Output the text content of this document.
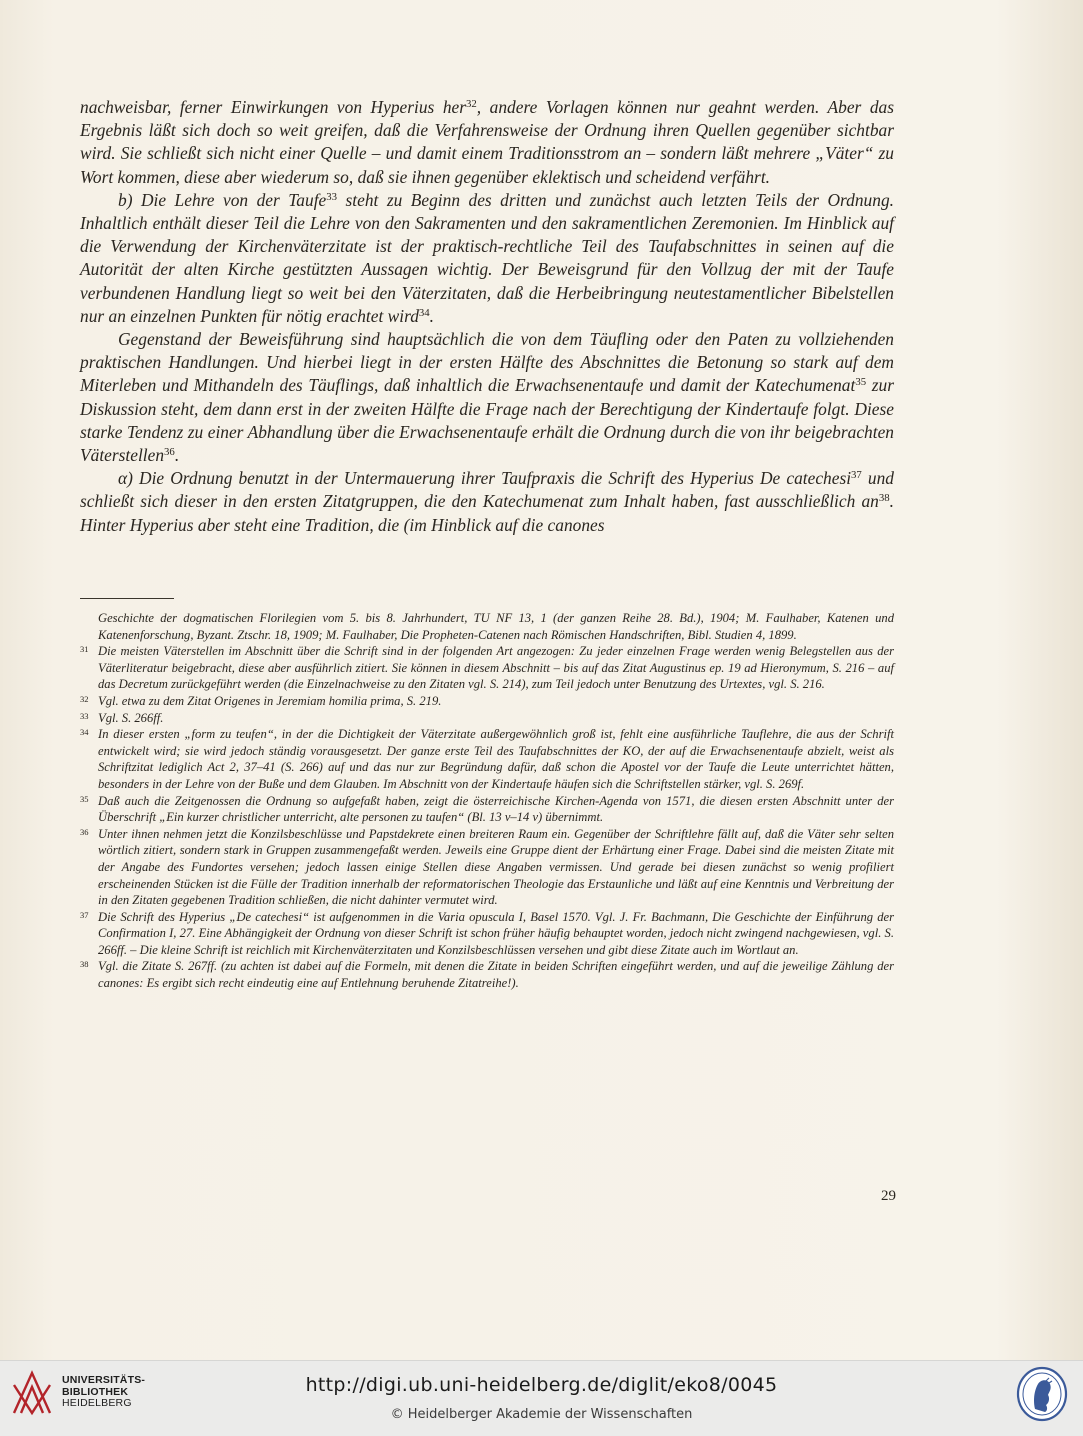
nachweisbar, ferner Einwirkungen von Hyperius her$^{32}$, andere Vorlagen können nur geahnt werden. Aber das Ergebnis läßt sich doch so weit greifen, daß die Verfahrensweise der Ordnung ihren Quellen gegenüber sichtbar wird. Sie schließt sich nicht einer Quelle – und damit einem Traditionsstrom an – sondern läßt mehrere „Väter“ zu Wort kommen, diese aber wiederum so, daß sie ihnen gegenüber eklektisch und scheidend verfährt.

b) Die Lehre von der Taufe$^{33}$ steht zu Beginn des dritten und zunächst auch letzten Teils der Ordnung. Inhaltlich enthält dieser Teil die Lehre von den Sakramenten und den sakramentlichen Zeremonien. Im Hinblick auf die Verwendung der Kirchenväterzitate ist der praktisch-rechtliche Teil des Taufabschnittes in seinen auf die Autorität der alten Kirche gestützten Aussagen wichtig. Der Beweisgrund für den Vollzug der mit der Taufe verbundenen Handlung liegt so weit bei den Väterzitaten, daß die Herbeibringung neutestamentlicher Bibelstellen nur an einzelnen Punkten für nötig erachtet wird$^{34}$.

Gegenstand der Beweisführung sind hauptsächlich die von dem Täufling oder den Paten zu vollziehenden praktischen Handlungen. Und hierbei liegt in der ersten Hälfte des Abschnittes die Betonung so stark auf dem Miterleben und Mithandeln des Täuflings, daß inhaltlich die Erwachsenentaufe und damit der Katechumenat$^{35}$ zur Diskussion steht, dem dann erst in der zweiten Hälfte die Frage nach der Berechtigung der Kindertaufe folgt. Diese starke Tendenz zu einer Abhandlung über die Erwachsenentaufe erhält die Ordnung durch die von ihr beigebrachten Väterstellen$^{36}$.

α) Die Ordnung benutzt in der Untermauerung ihrer Taufpraxis die Schrift des Hyperius De catechesi$^{37}$ und schließt sich dieser in den ersten Zitatgruppen, die den Katechumenat zum Inhalt haben, fast ausschließlich $an^{38}$. Hinter Hyperius aber steht eine Tradition, die (im Hinblick auf die canones

Geschichte der dogmatischen Florilegien vom 5. bis 8. Jahrhundert, TU NF 13, 1 (der ganzen Reihe 28. Bd.), 1904; M. Faulhaber, Katenen und Katenenforschung, Byzant. Ztschr. 18, 1909; M. Faulhaber, Die Propheten-Catenen nach Römischen Handschriften, Bibl. Studien 4, 1899.

31 Die meisten Väterstellen im Abschnitt über die Schrift sind in der folgenden Art angezogen: Zu jeder einzelnen Frage werden wenig Belegstellen aus der Väterliteratur beigebracht, diese aber ausführlich zitiert. Sie können in diesem Abschnitt – bis auf das Zitat Augustinus ep. 19 ad Hieronymum, S. 216 – auf das Decretum zurückgeführt werden (die Einzelnachweise zu den Zitaten vgl. S. 214), zum Teil jedoch unter Benutzung des Urtextes, vgl. S. 216.

32 Vgl. etwa zu dem Zitat Origenes in Jeremiam homilia prima, S. 219.

33 Vgl. S. 266ff.

34 In dieser ersten „form zu teufen“, in der die Dichtigkeit der Väterzitate außergewöhnlich groß ist, fehlt eine ausführliche Tauflehre, die aus der Schrift entwickelt wird; sie wird jedoch ständig vorausgesetzt. Der ganze erste Teil des Taufabschnittes der KO, der auf die Erwachsenentaufe abzielt, weist als Schriftzitat lediglich Act 2, 37–41 (S. 266) auf und das nur zur Begründung dafür, daß schon die Apostel vor der Taufe die Leute unterrichtet hätten, besonders in der Lehre von der Buße und dem Glauben. Im Abschnitt von der Kindertaufe häufen sich die Schriftstellen stärker, vgl. S. 269f.

35 Daß auch die Zeitgenossen die Ordnung so aufgefaßt haben, zeigt die österreichische Kirchen-Agenda von 1571, die diesen ersten Abschnitt unter der Überschrift „Ein kurzer christlicher unterricht, alte personen zu taufen“ (Bl. 13 v–14 v) übernimmt.

36 Unter ihnen nehmen jetzt die Konzilsbeschlüsse und Papstdekrete einen breiteren Raum ein. Gegenüber der Schriftlehre fällt auf, daß die Väter sehr selten wörtlich zitiert, sondern stark in Gruppen zusammengefaßt werden. Jeweils eine Gruppe dient der Erhärtung einer Frage. Dabei sind die meisten Zitate mit der Angabe des Fundortes versehen; jedoch lassen einige Stellen diese Angaben vermissen. Und gerade bei diesen zunächst so wenig profiliert erscheinenden Stücken ist die Fülle der Tradition innerhalb der reformatorischen Theologie das Erstaunliche und läßt auf eine Kenntnis und Verbreitung der in den Zitaten gegebenen Tradition schließen, die nicht dahinter vermutet wird.

37 Die Schrift des Hyperius „De catechesi“ ist aufgenommen in die Varia opuscula I, Basel 1570. Vgl. J. Fr. Bachmann, Die Geschichte der Einführung der Confirmation I, 27. Eine Abhängigkeit der Ordnung von dieser Schrift ist schon früher häufig behauptet worden, jedoch nicht zwingend nachgewiesen, vgl. S. 266ff. – Die kleine Schrift ist reichlich mit Kirchenväterzitaten und Konzilsbeschlüssen versehen und gibt diese Zitate auch im Wortlaut an.

38 Vgl. die Zitate S. 267ff. (zu achten ist dabei auf die Formeln, mit denen die Zitate in beiden Schriften eingeführt werden, und auf die jeweilige Zählung der canones: Es ergibt sich recht eindeutig eine auf Entlehnung beruhende Zitatreihe!).

29
UNIVERSITÄTS-
BIBLIOTHEK
HEIDELBERG
http://digi.ub.uni-heidelberg.de/diglit/eko8/0045
© Heidelberger Akademie der Wissenschaften
